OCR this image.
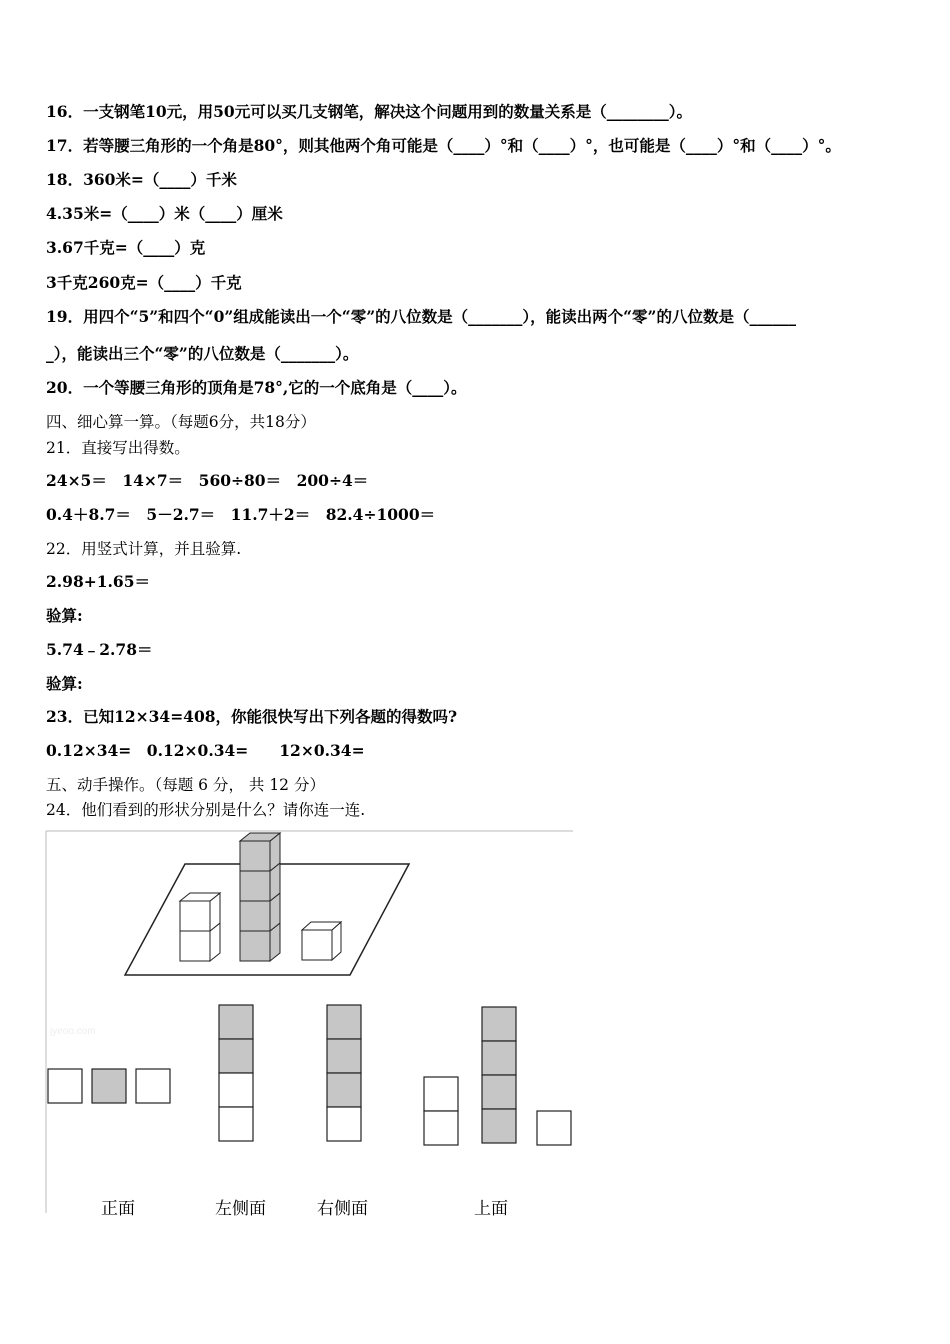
16．一支钢笔10元，用50元可以买几支钢笔，解决这个问题用到的数量关系是（________）。
17．若等腰三角形的一个角是80°，则其他两个角可能是（____）°和（____）°，也可能是（____）°和（____）°。
18．360米=（____）千米
4.35米=（____）米（____）厘米
3.67千克=（____）克
3千克260克=（____）千克
19．用四个“5”和四个“0”组成能读出一个“零”的八位数是（_______），能读出两个“零”的八位数是（______
_），能读出三个“零”的八位数是（_______）。
20．一个等腰三角形的顶角是78°,它的一个底角是（____）。
四、细心算一算。（每题6分，共18分）
21．直接写出得数。
24×5＝　14×7＝　560÷80＝　200÷4＝
0.4＋8.7＝　5－2.7＝　11.7＋2＝　82.4÷1000＝
22．用竖式计算，并且验算.
2.98+1.65＝
验算:
5.74﹣2.78＝
验算:
23．已知12×34=408，你能很快写出下列各题的得数吗?
0.12×34=　0.12×0.34=　　12×0.34=
五、动手操作。（每题 6 分， 共 12 分）
24．他们看到的形状分别是什么？请你连一连.
jyeoo.com
正面	左侧面	右侧面	上面
